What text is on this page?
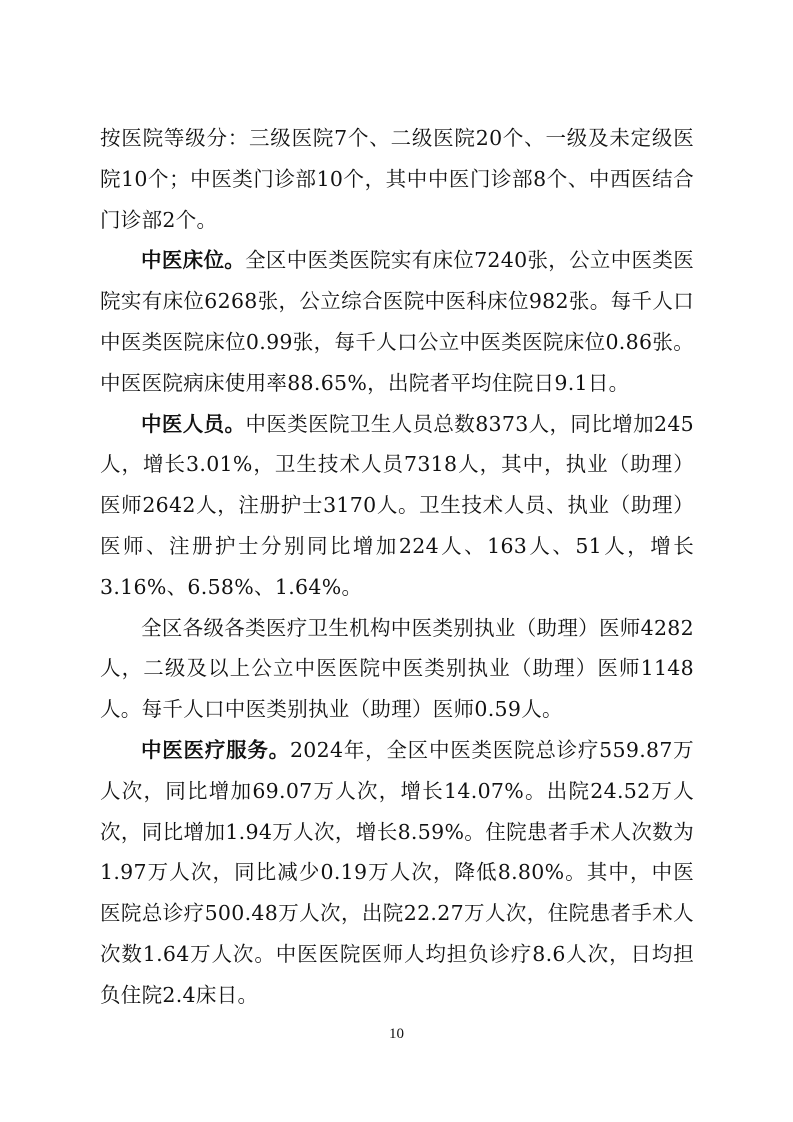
按医院等级分：三级医院7个、二级医院20个、一级及未定级医院10个；中医类门诊部10个，其中中医门诊部8个、中西医结合门诊部2个。

中医床位。全区中医类医院实有床位7240张，公立中医类医院实有床位6268张，公立综合医院中医科床位982张。每千人口中医类医院床位0.99张，每千人口公立中医类医院床位0.86张。中医医院病床使用率88.65%，出院者平均住院日9.1日。

中医人员。中医类医院卫生人员总数8373人，同比增加245人，增长3.01%，卫生技术人员7318人，其中，执业（助理）医师2642人，注册护士3170人。卫生技术人员、执业（助理）医师、注册护士分别同比增加224人、163人、51人，增长3.16%、6.58%、1.64%。

全区各级各类医疗卫生机构中医类别执业（助理）医师4282人，二级及以上公立中医医院中医类别执业（助理）医师1148人。每千人口中医类别执业（助理）医师0.59人。

中医医疗服务。2024年，全区中医类医院总诊疗559.87万人次，同比增加69.07万人次，增长14.07%。出院24.52万人次，同比增加1.94万人次，增长8.59%。住院患者手术人次数为1.97万人次，同比减少0.19万人次，降低8.80%。其中，中医医院总诊疗500.48万人次，出院22.27万人次，住院患者手术人次数1.64万人次。中医医院医师人均担负诊疗8.6人次，日均担负住院2.4床日。

10
